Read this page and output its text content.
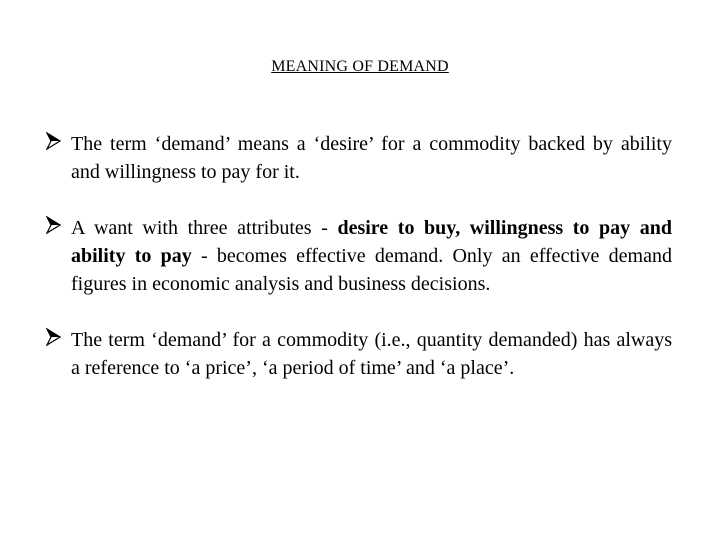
MEANING OF DEMAND
The term ‘demand’ means a ‘desire’ for a commodity backed by ability and willingness to pay for it.
A want with three attributes - desire to buy, willingness to pay and ability to pay - becomes effective demand. Only an effective demand figures in economic analysis and business decisions.
The term ‘demand’ for a commodity (i.e., quantity demanded) has always a reference to ‘a price’, ‘a period of time’ and ‘a place’.
